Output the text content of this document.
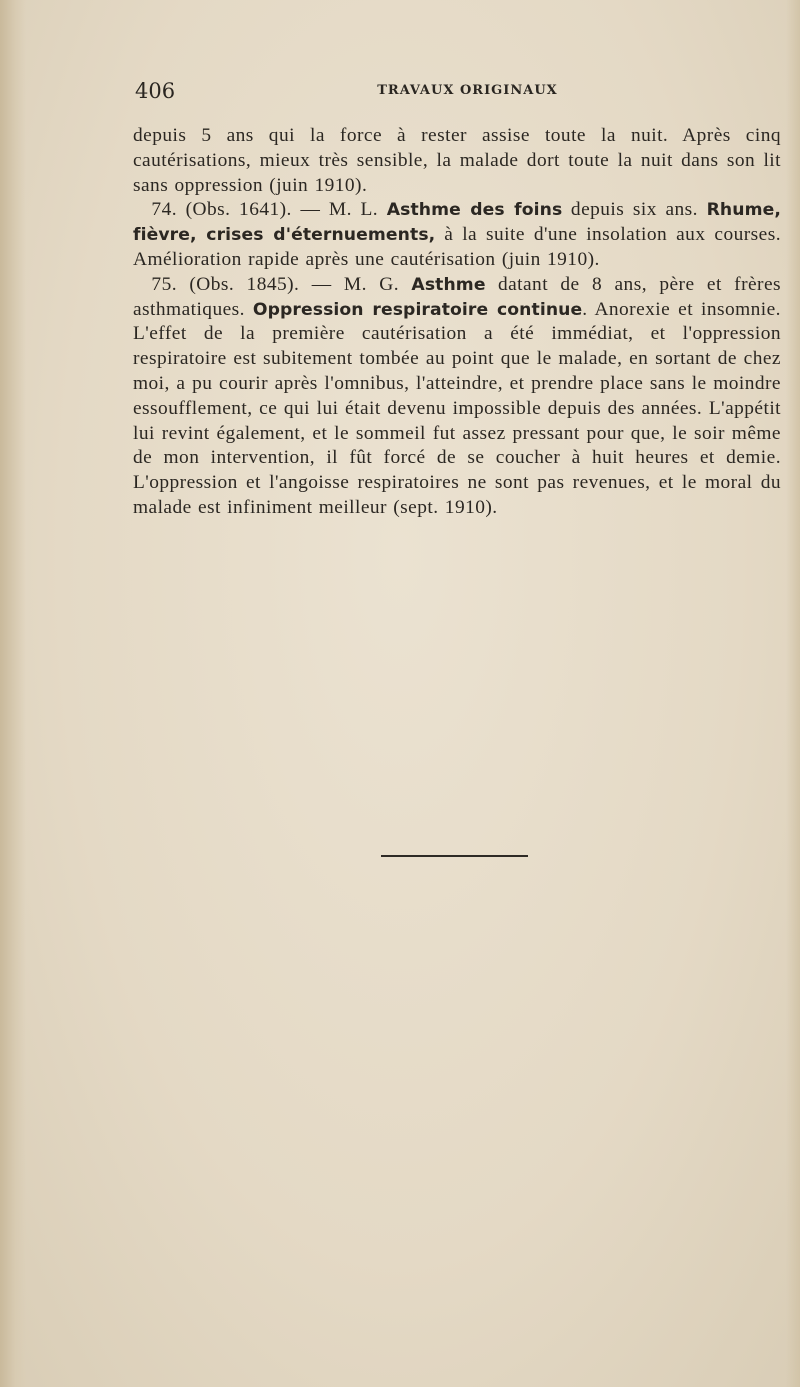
406	TRAVAUX ORIGINAUX

depuis 5 ans qui la force à rester assise toute la nuit. Après cinq cautérisations, mieux très sensible, la malade dort toute la nuit dans son lit sans oppression (juin 1910).

74. (Obs. 1641). — M. L. Asthme des foins depuis six ans. Rhume, fièvre, crises d'éternuements, à la suite d'une insolation aux courses. Amélioration rapide après une cautérisation (juin 1910).

75. (Obs. 1845). — M. G. Asthme datant de 8 ans, père et frères asthmatiques. Oppression respiratoire continue. Anorexie et insomnie. L'effet de la première cautérisation a été immédiat, et l'oppression respiratoire est subitement tombée au point que le malade, en sortant de chez moi, a pu courir après l'omnibus, l'atteindre, et prendre place sans le moindre essoufflement, ce qui lui était devenu impossible depuis des années. L'appétit lui revint également, et le sommeil fut assez pressant pour que, le soir même de mon intervention, il fût forcé de se coucher à huit heures et demie. L'oppression et l'angoisse respiratoires ne sont pas revenues, et le moral du malade est infiniment meilleur (sept. 1910).
